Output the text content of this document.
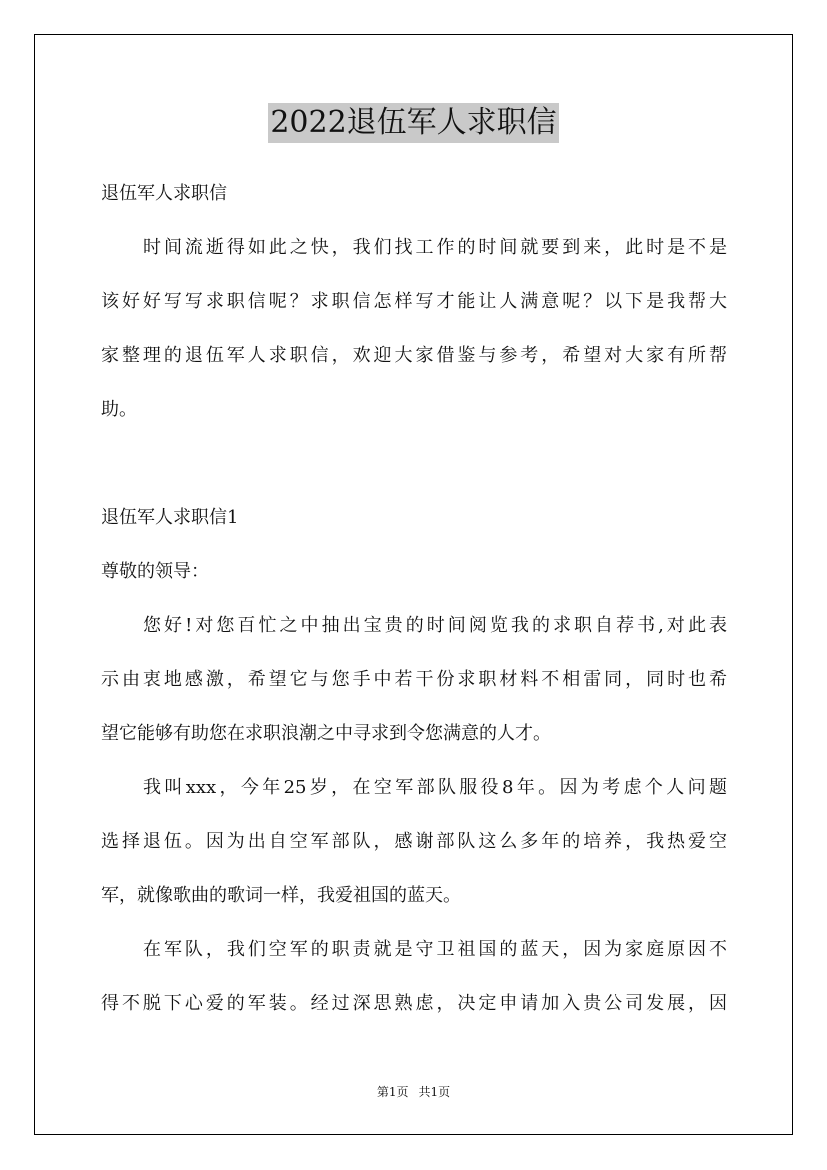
2022退伍军人求职信
退伍军人求职信
时间流逝得如此之快，我们找工作的时间就要到来，此时是不是
该好好写写求职信呢？求职信怎样写才能让人满意呢？以下是我帮大
家整理的退伍军人求职信，欢迎大家借鉴与参考，希望对大家有所帮
助。
退伍军人求职信1
尊敬的领导：
您好!对您百忙之中抽出宝贵的时间阅览我的求职自荐书,对此表
示由衷地感激，希望它与您手中若干份求职材料不相雷同，同时也希
望它能够有助您在求职浪潮之中寻求到令您满意的人才。
我叫xxx，今年25岁，在空军部队服役8年。因为考虑个人问题
选择退伍。因为出自空军部队，感谢部队这么多年的培养，我热爱空
军，就像歌曲的歌词一样，我爱祖国的蓝天。
在军队，我们空军的职责就是守卫祖国的蓝天，因为家庭原因不
得不脱下心爱的军装。经过深思熟虑，决定申请加入贵公司发展，因
第1页 共1页
